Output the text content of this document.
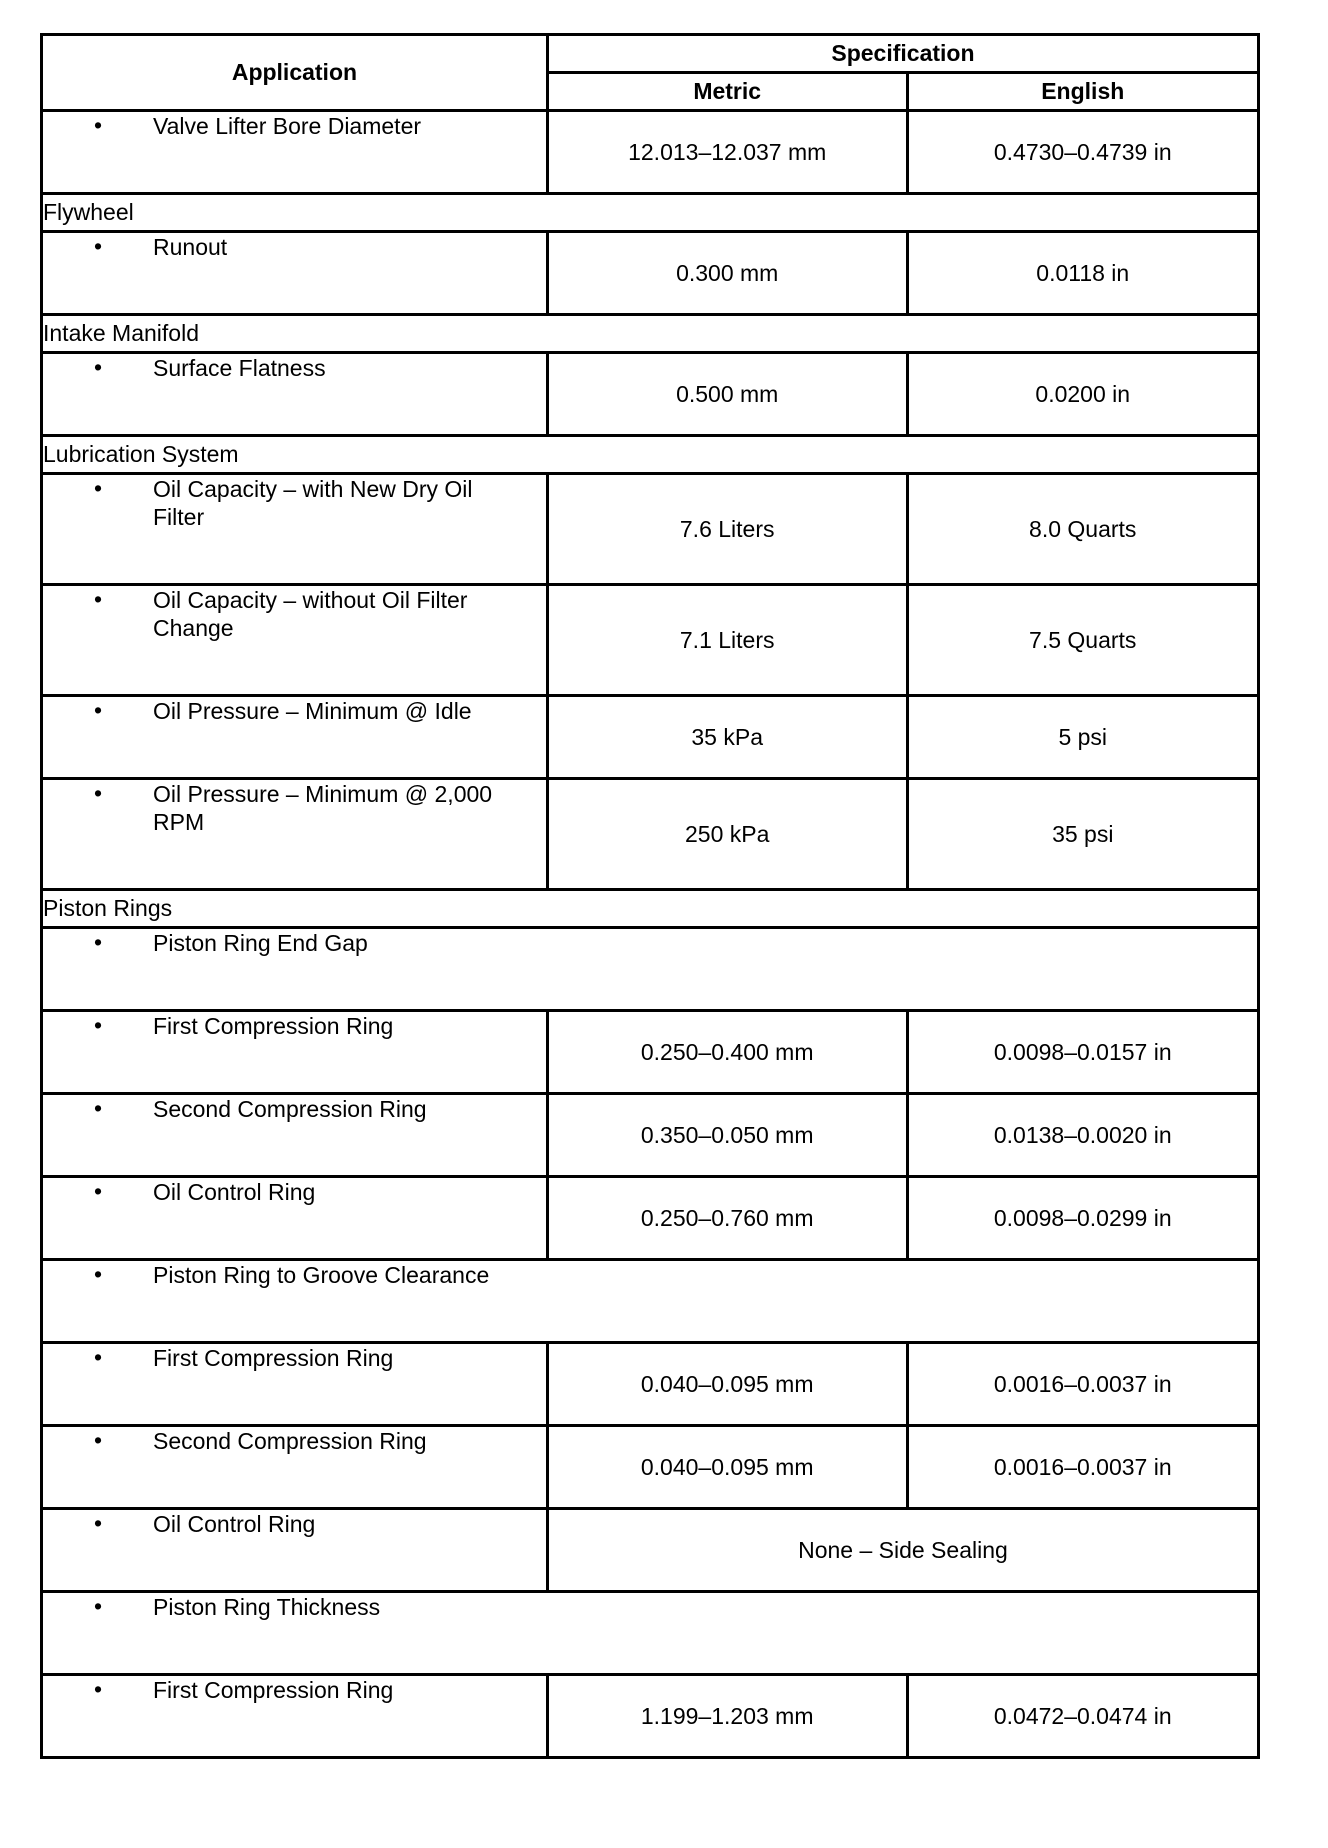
Application	Specification	
	Metric	English
• Valve Lifter Bore Diameter	12.013–12.037 mm	0.4730–0.4739 in
Flywheel		
• Runout	0.300 mm	0.0118 in
Intake Manifold		
• Surface Flatness	0.500 mm	0.0200 in
Lubrication System		
• Oil Capacity – with New Dry Oil Filter	7.6 Liters	8.0 Quarts
• Oil Capacity – without Oil Filter Change	7.1 Liters	7.5 Quarts
• Oil Pressure – Minimum @ Idle	35 kPa	5 psi
• Oil Pressure – Minimum @ 2,000 RPM	250 kPa	35 psi
Piston Rings		
• Piston Ring End Gap		
• First Compression Ring	0.250–0.400 mm	0.0098–0.0157 in
• Second Compression Ring	0.350–0.050 mm	0.0138–0.0020 in
• Oil Control Ring	0.250–0.760 mm	0.0098–0.0299 in
• Piston Ring to Groove Clearance		
• First Compression Ring	0.040–0.095 mm	0.0016–0.0037 in
• Second Compression Ring	0.040–0.095 mm	0.0016–0.0037 in
• Oil Control Ring	None – Side Sealing	
• Piston Ring Thickness		
• First Compression Ring	1.199–1.203 mm	0.0472–0.0474 in
